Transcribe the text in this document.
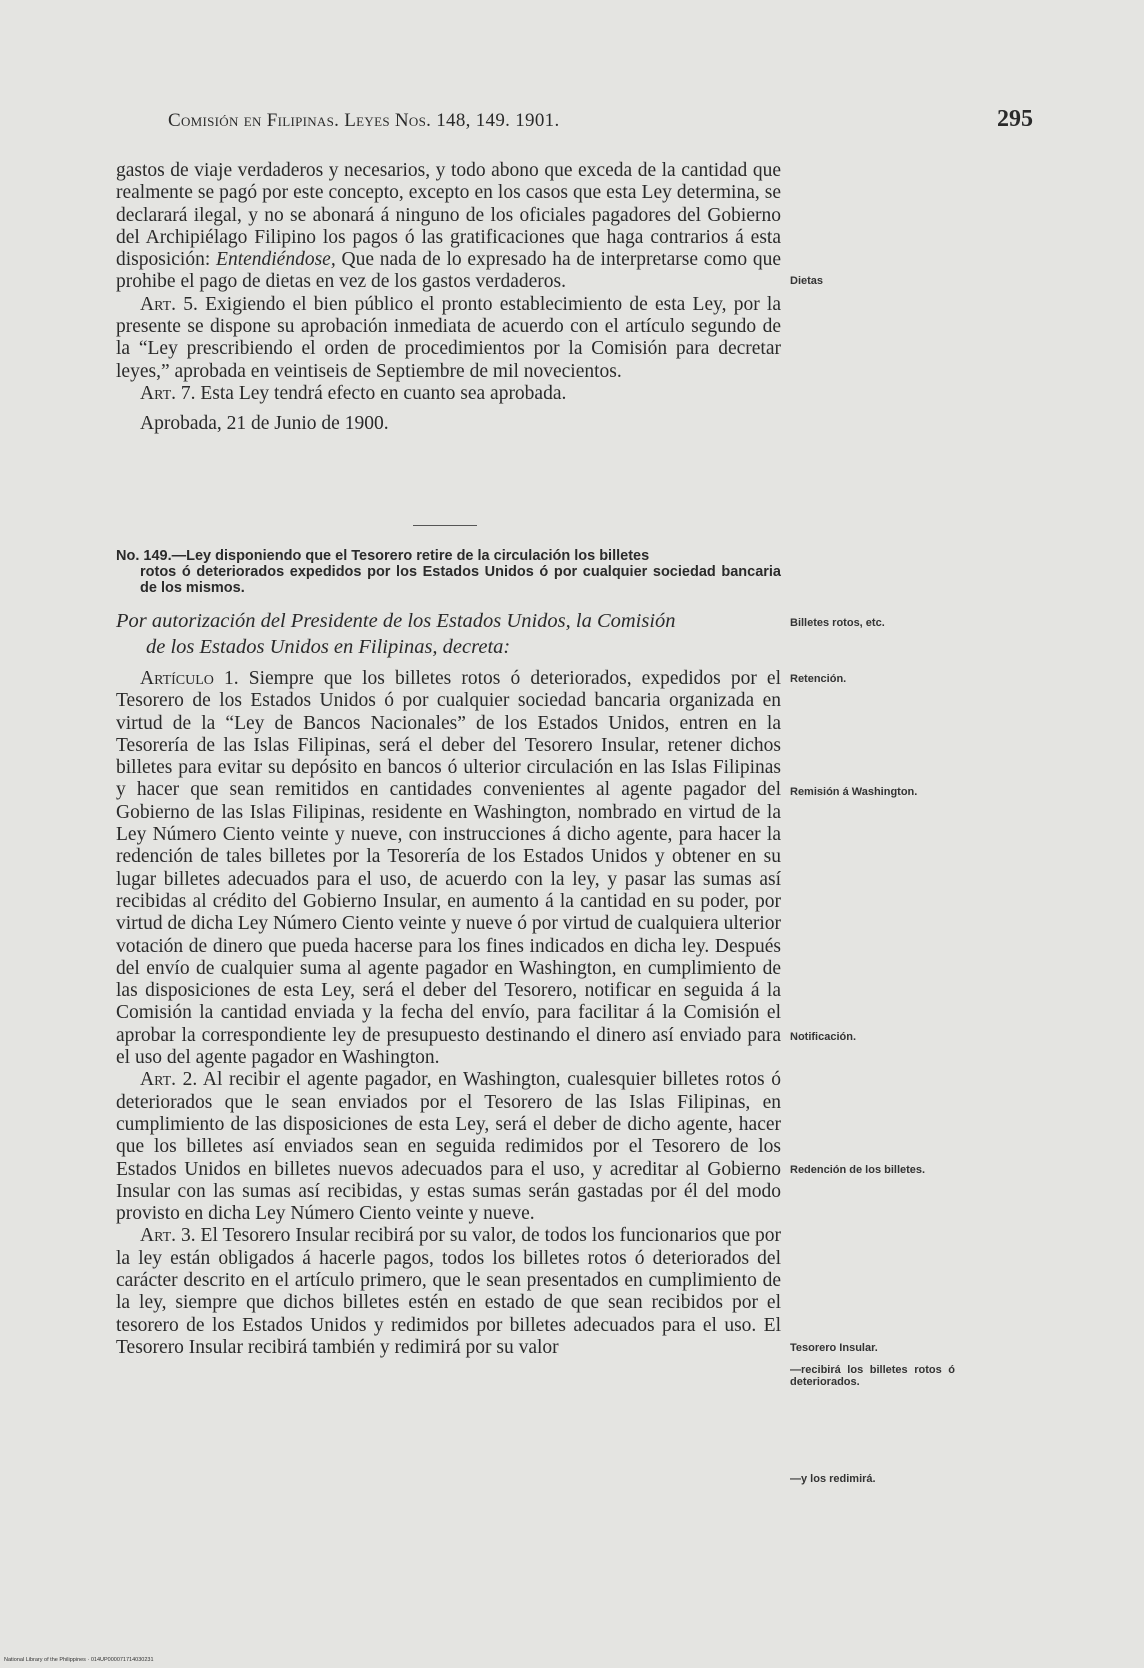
Comisión en Filipinas. Leyes Nos. 148, 149. 1901.	295

gastos de viaje verdaderos y necesarios, y todo abono que exceda de la cantidad que realmente se pagó por este concepto, excepto en los casos que esta Ley determina, se declarará ilegal, y no se abonará á ninguno de los oficiales pagadores del Gobierno del Archipiélago Filipino los pagos ó las gratificaciones que haga contrarios á esta disposición: Entendiéndose, Que nada de lo expresado ha de interpretarse como que prohibe el pago de dietas en vez de los gastos verdaderos.

Art. 5. Exigiendo el bien público el pronto establecimiento de esta Ley, por la presente se dispone su aprobación inmediata de acuerdo con el artículo segundo de la “Ley prescribiendo el orden de procedimientos por la Comisión para decretar leyes,” aprobada en veintiseis de Septiembre de mil novecientos.

Art. 7. Esta Ley tendrá efecto en cuanto sea aprobada.

Aprobada, 21 de Junio de 1900.

No. 149.—Ley disponiendo que el Tesorero retire de la circulación los billetes
rotos ó deteriorados expedidos por los Estados Unidos ó por cualquier sociedad bancaria de los mismos.
Por autorización del Presidente de los Estados Unidos, la Comisión
de los Estados Unidos en Filipinas, decreta:

Artículo 1. Siempre que los billetes rotos ó deteriorados, expedidos por el Tesorero de los Estados Unidos ó por cualquier sociedad bancaria organizada en virtud de la “Ley de Bancos Nacionales” de los Estados Unidos, entren en la Tesorería de las Islas Filipinas, será el deber del Tesorero Insular, retener dichos billetes para evitar su depósito en bancos ó ulterior circulación en las Islas Filipinas y hacer que sean remitidos en cantidades convenientes al agente pagador del Gobierno de las Islas Filipinas, residente en Washington, nombrado en virtud de la Ley Número Ciento veinte y nueve, con instrucciones á dicho agente, para hacer la redención de tales billetes por la Tesorería de los Estados Unidos y obtener en su lugar billetes adecuados para el uso, de acuerdo con la ley, y pasar las sumas así recibidas al crédito del Gobierno Insular, en aumento á la cantidad en su poder, por virtud de dicha Ley Número Ciento veinte y nueve ó por virtud de cualquiera ulterior votación de dinero que pueda hacerse para los fines indicados en dicha ley. Después del envío de cualquier suma al agente pagador en Washington, en cumplimiento de las disposiciones de esta Ley, será el deber del Tesorero, notificar en seguida á la Comisión la cantidad enviada y la fecha del envío, para facilitar á la Comisión el aprobar la correspondiente ley de presupuesto destinando el dinero así enviado para el uso del agente pagador en Washington.

Art. 2. Al recibir el agente pagador, en Washington, cualesquier billetes rotos ó deteriorados que le sean enviados por el Tesorero de las Islas Filipinas, en cumplimiento de las disposiciones de esta Ley, será el deber de dicho agente, hacer que los billetes así enviados sean en seguida redimidos por el Tesorero de los Estados Unidos en billetes nuevos adecuados para el uso, y acreditar al Gobierno Insular con las sumas así recibidas, y estas sumas serán gastadas por él del modo provisto en dicha Ley Número Ciento veinte y nueve.

Art. 3. El Tesorero Insular recibirá por su valor, de todos los funcionarios que por la ley están obligados á hacerle pagos, todos los billetes rotos ó deteriorados del carácter descrito en el artículo primero, que le sean presentados en cumplimiento de la ley, siempre que dichos billetes estén en estado de que sean recibidos por el tesorero de los Estados Unidos y redimidos por billetes adecuados para el uso. El Tesorero Insular recibirá también y redimirá por su valor

Dietas
Billetes rotos, etc.
Retención.
Remisión á Washington.
Notificación.
Redención de los billetes.
Tesorero Insular.
—recibirá los billetes rotos ó deteriorados.
—y los redimirá.
National Library of the Philippines · 014UP000071714030231
